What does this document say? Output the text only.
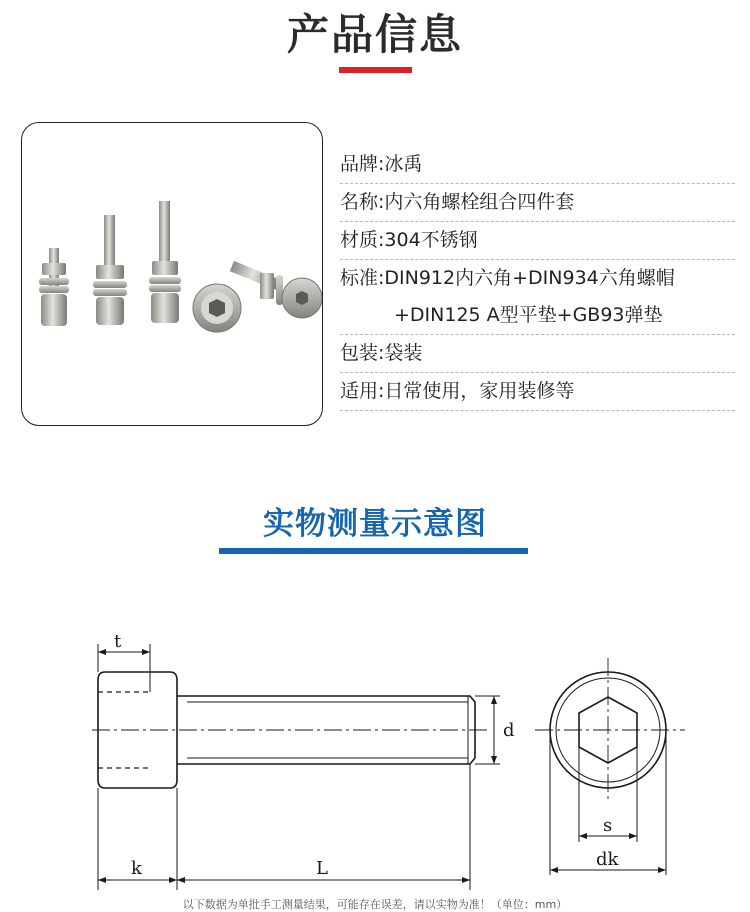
产品信息
品牌:冰禹
名称:内六角螺栓组合四件套
材质:304不锈钢
标准:DIN912内六角+DIN934六角螺帽
+DIN125 A型平垫+GB93弹垫
包装:袋装
适用:日常使用，家用装修等
实物测量示意图
t
d
k	L
s
dk
以下数据为单批手工测量结果，可能存在误差，请以实物为准！（单位：mm）
